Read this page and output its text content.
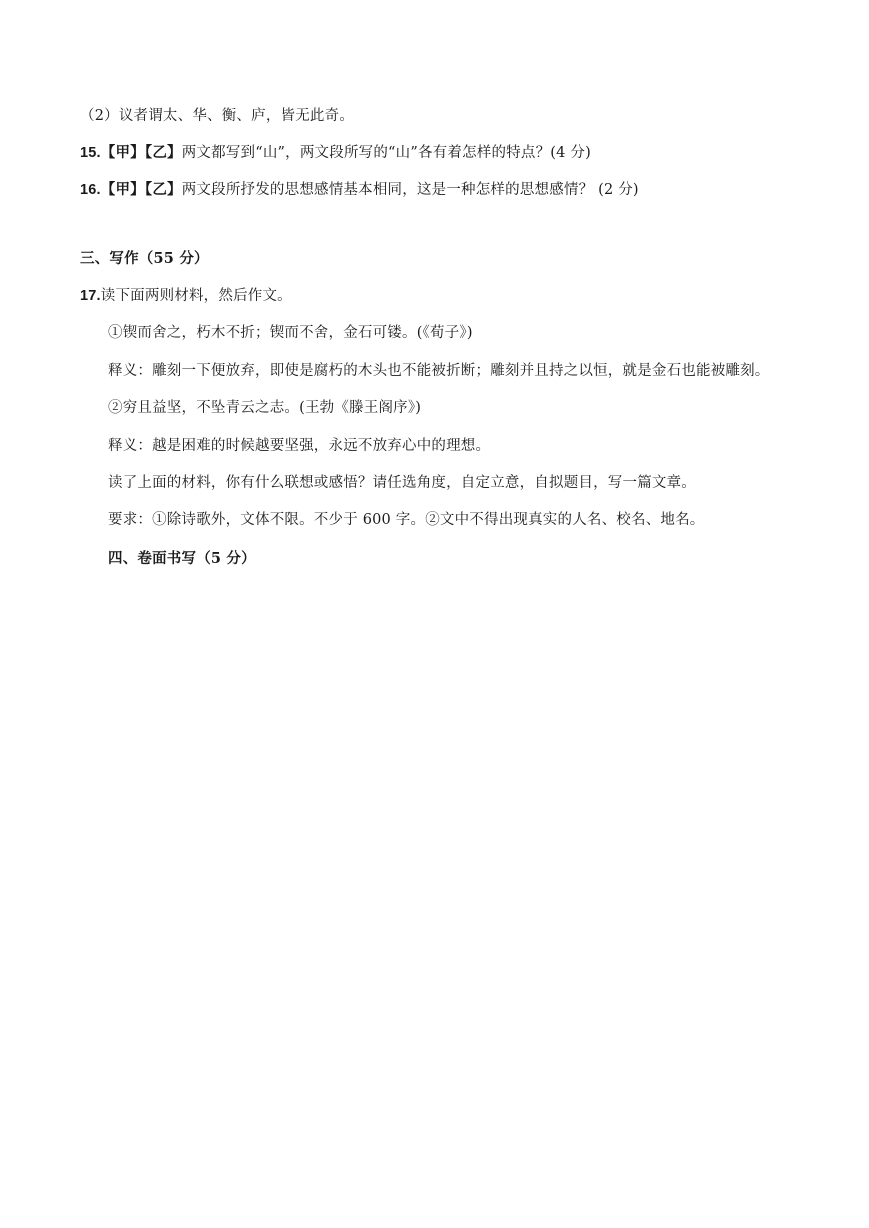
（2）议者谓太、华、衡、庐，皆无此奇。
15.【甲】【乙】两文都写到“山”，两文段所写的“山”各有着怎样的特点？(4 分)
16.【甲】【乙】两文段所抒发的思想感情基本相同，这是一种怎样的思想感情？ (2 分)
三、写作（55 分）
17.读下面两则材料，然后作文。
①锲而舍之，朽木不折；锲而不舍，金石可镂。(《荀子》)
释义：雕刻一下便放弃，即使是腐朽的木头也不能被折断；雕刻并且持之以恒，就是金石也能被雕刻。
②穷且益坚，不坠青云之志。(王勃《滕王阁序》)
释义：越是困难的时候越要坚强，永远不放弃心中的理想。
读了上面的材料，你有什么联想或感悟？请任选角度，自定立意，自拟题目，写一篇文章。
要求：①除诗歌外，文体不限。不少于 600 字。②文中不得出现真实的人名、校名、地名。
四、卷面书写（5 分）
